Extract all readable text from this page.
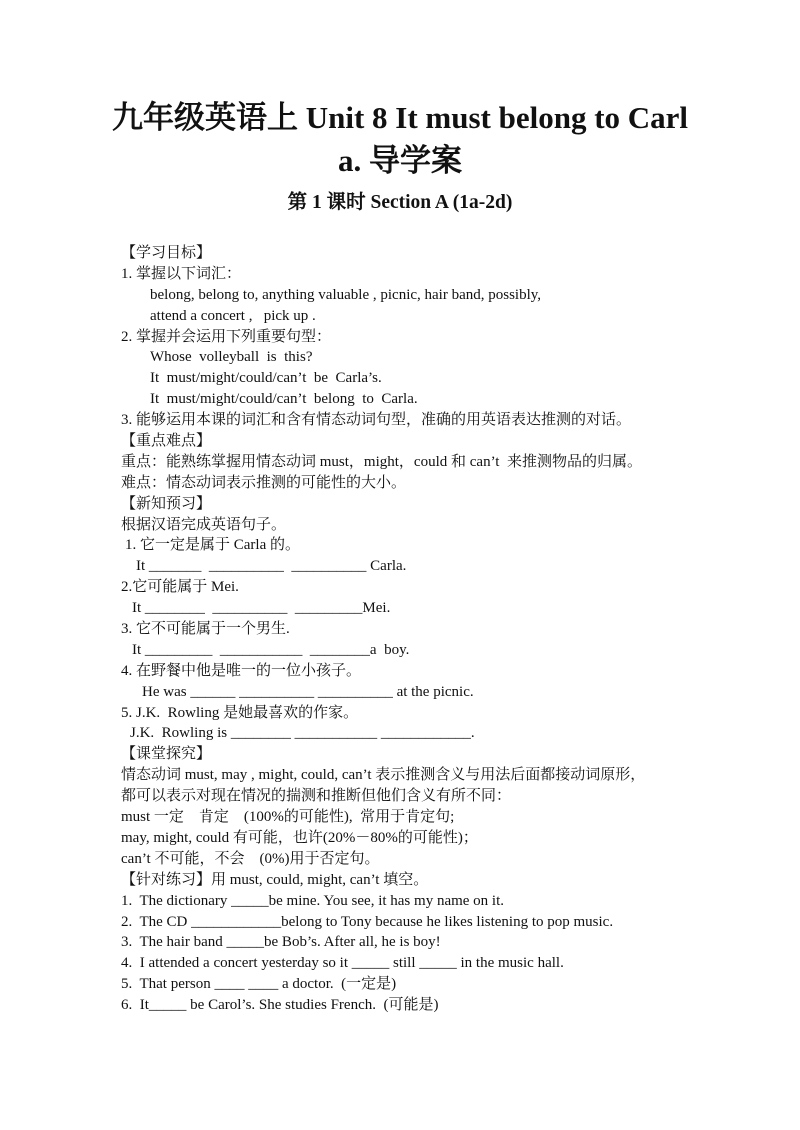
九年级英语上 Unit 8 It must belong to Carl
a. 导学案
第 1 课时 Section A (1a-2d)
【学习目标】
1. 掌握以下词汇：
belong, belong to, anything valuable , picnic, hair band, possibly,
attend a concert ,   pick up .
2. 掌握并会运用下列重要句型：
Whose  volleyball  is  this?
It  must/might/could/can’t  be  Carla’s.
It  must/might/could/can’t  belong  to  Carla.
3. 能够运用本课的词汇和含有情态动词句型，准确的用英语表达推测的对话。
【重点难点】
重点：能熟练掌握用情态动词 must，might，could 和 can’t  来推测物品的归属。
难点：情态动词表示推测的可能性的大小。
【新知预习】
根据汉语完成英语句子。
1. 它一定是属于 Carla 的。
It _______  __________  __________ Carla.
2.它可能属于 Mei.
It ________  __________  _________Mei.
3. 它不可能属于一个男生.
It _________  ___________  ________a  boy.
4. 在野餐中他是唯一的一位小孩子。
He was ______ __________ __________ at the picnic.
5. J.K.  Rowling 是她最喜欢的作家。
J.K.  Rowling is ________ ___________ ____________.
【课堂探究】
情态动词 must, may , might, could, can’t 表示推测含义与用法后面都接动词原形，
都可以表示对现在情况的揣测和推断但他们含义有所不同：
must 一定    肯定    (100%的可能性),  常用于肯定句;
may, might, could 有可能，也许(20%－80%的可能性)；
can’t 不可能，不会    (0%)用于否定句。
【针对练习】用 must, could, might, can’t 填空。
1.  The dictionary _____be mine. You see, it has my name on it.
2.  The CD ____________belong to Tony because he likes listening to pop music.
3.  The hair band _____be Bob’s. After all, he is boy!
4.  I attended a concert yesterday so it _____ still _____ in the music hall.
5.  That person ____ ____ a doctor.  (一定是)
6.  It_____ be Carol’s. She studies French.  (可能是)
